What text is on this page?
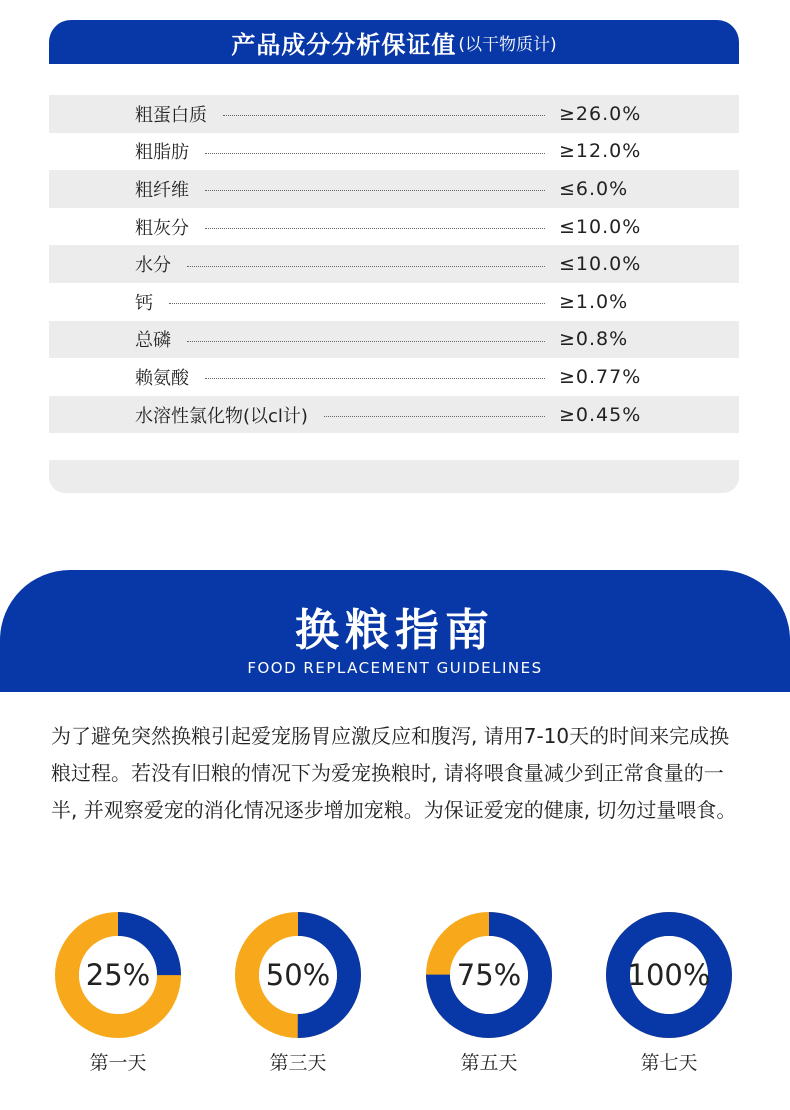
产品成分分析保证值 (以干物质计)
粗蛋白质	≥26.0%
粗脂肪	≥12.0%
粗纤维	≤6.0%
粗灰分	≤10.0%
水分	≤10.0%
钙	≥1.0%
总磷	≥0.8%
赖氨酸	≥0.77%
水溶性氯化物(以cl计)	≥0.45%
换粮指南
FOOD REPLACEMENT GUIDELINES
为了避免突然换粮引起爱宠肠胃应激反应和腹泻, 请用7-10天的时间来完成换粮过程。若没有旧粮的情况下为爱宠换粮时, 请将喂食量减少到正常食量的一半, 并观察爱宠的消化情况逐步增加宠粮。为保证爱宠的健康, 切勿过量喂食。
25%
第一天
50%
第三天
75%
第五天
100%
第七天
